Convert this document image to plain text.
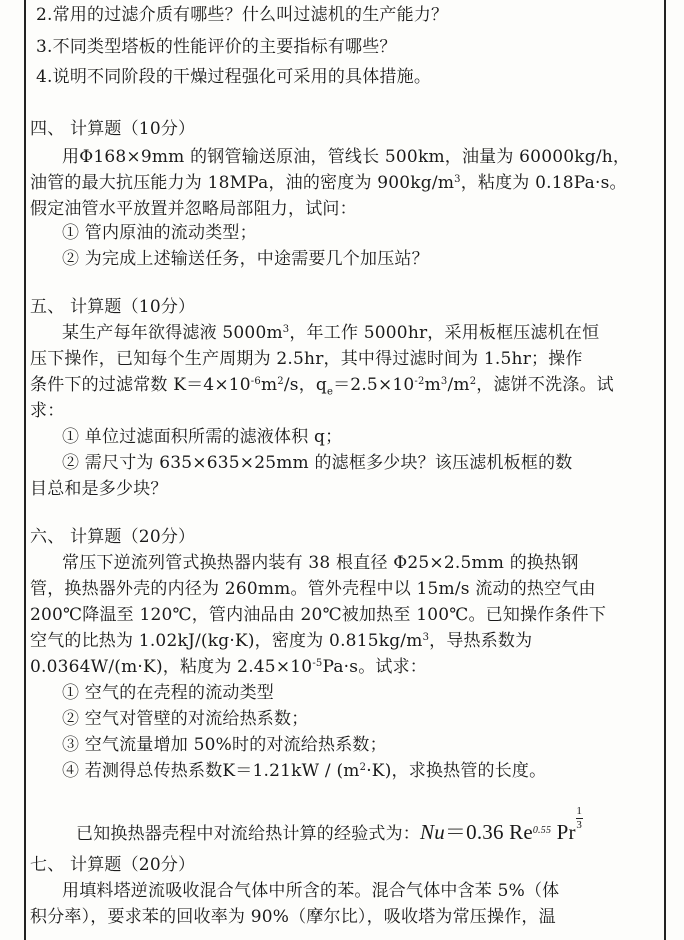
2.常用的过滤介质有哪些？什么叫过滤机的生产能力？
3.不同类型塔板的性能评价的主要指标有哪些？
4.说明不同阶段的干燥过程强化可采用的具体措施。
四、 计算题（10分）
用Φ168×9mm 的钢管输送原油，管线长 500km，油量为 60000kg/h，
油管的最大抗压能力为 18MPa，油的密度为 $900kg/m^3$，粘度为 0.18Pa·s。
假定油管水平放置并忽略局部阻力，试问：
① 管内原油的流动类型；
② 为完成上述输送任务，中途需要几个加压站？
五、 计算题（10分）
某生产每年欲得滤液 $5000m^3$，年工作 5000hr，采用板框压滤机在恒
压下操作，已知每个生产周期为 2.5hr，其中得过滤时间为 1.5hr；操作
条件下的过滤常数 $K=4\times 10^{-6}m^2/s$，$q_e=2.5\times 10^{-2}m^3/m^2$，滤饼不洗涤。试
求：
① 单位过滤面积所需的滤液体积 q；
② 需尺寸为 635×635×25mm 的滤框多少块？该压滤机板框的数
目总和是多少块？
六、 计算题（20分）
常压下逆流列管式换热器内装有 38 根直径 Φ25×2.5mm 的换热钢
管，换热器外壳的内径为 260mm。管外壳程中以 15m/s 流动的热空气由
200℃降温至 120℃，管内油品由 20℃被加热至 100℃。已知操作条件下
空气的比热为 1.02kJ/(kg·K)，密度为 $0.815kg/m^3$，导热系数为
0.0364W/(m·K)，粘度为 $2.45\times 10^{-5}Pa\cdot s$。试求：
① 空气的在壳程的流动类型
② 空气对管壁的对流给热系数；
③ 空气流量增加 50%时的对流给热系数；
④ 若测得总传热系数$K=1.21kW / (m^2\cdot K)$，求换热管的长度。
已知换热器壳程中对流给热计算的经验式为：Nu＝0.36 $Re^{0.55}$ Pr
$\frac{1}{3}$
七、 计算题（20分）
用填料塔逆流吸收混合气体中所含的苯。混合气体中含苯 5%（体
积分率），要求苯的回收率为 90%（摩尔比），吸收塔为常压操作，温
